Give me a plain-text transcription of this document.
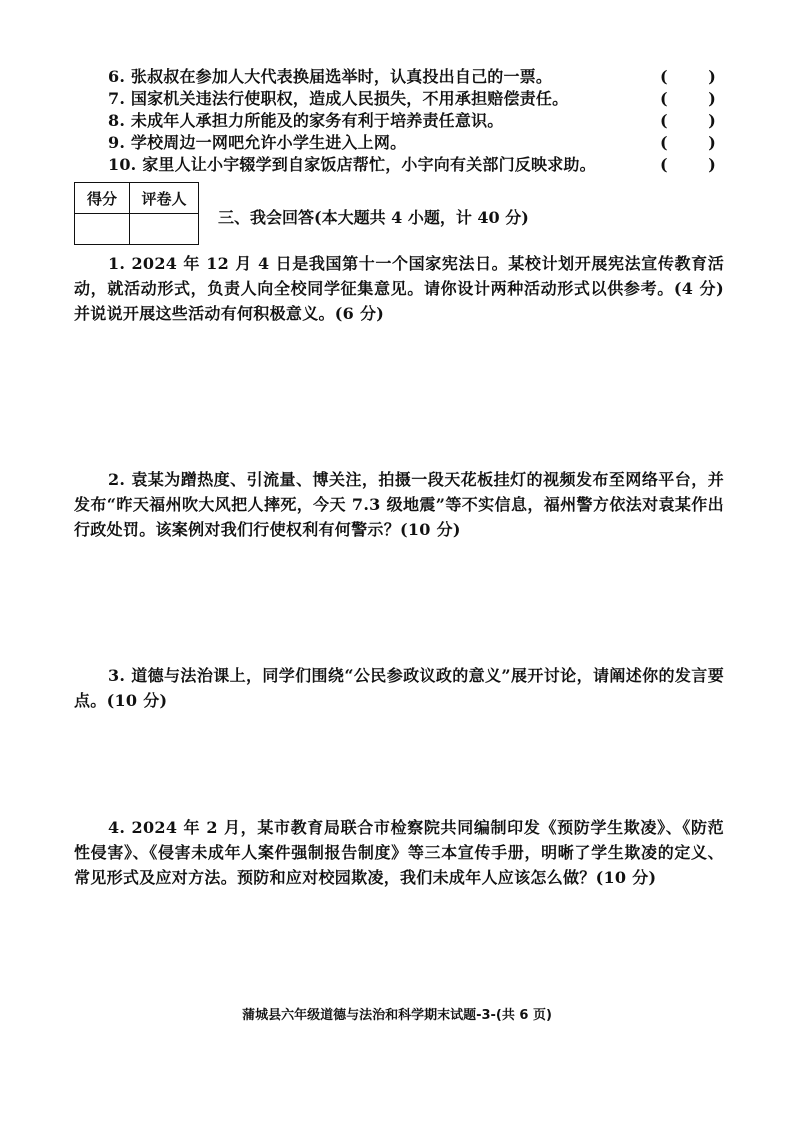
6. 张叔叔在参加人大代表换届选举时，认真投出自己的一票。	(	)
7. 国家机关违法行使职权，造成人民损失，不用承担赔偿责任。	(	)
8. 未成年人承担力所能及的家务有利于培养责任意识。	(	)
9. 学校周边一网吧允许小学生进入上网。	(	)
10. 家里人让小宇辍学到自家饭店帮忙，小宇向有关部门反映求助。	(	)
得分	评卷人

三、我会回答(本大题共 4 小题，计 40 分)
1. 2024 年 12 月 4 日是我国第十一个国家宪法日。某校计划开展宪法宣传教育活动，就活动形式，负责人向全校同学征集意见。请你设计两种活动形式以供参考。(4 分)并说说开展这些活动有何积极意义。(6 分)
2. 袁某为蹭热度、引流量、博关注，拍摄一段天花板挂灯的视频发布至网络平台，并发布“昨天福州吹大风把人摔死，今天 7.3 级地震”等不实信息，福州警方依法对袁某作出行政处罚。该案例对我们行使权利有何警示？(10 分)
3. 道德与法治课上，同学们围绕“公民参政议政的意义”展开讨论，请阐述你的发言要点。(10 分)
4. 2024 年 2 月，某市教育局联合市检察院共同编制印发《预防学生欺凌》、《防范性侵害》、《侵害未成年人案件强制报告制度》等三本宣传手册，明晰了学生欺凌的定义、常见形式及应对方法。预防和应对校园欺凌，我们未成年人应该怎么做？(10 分)
蒲城县六年级道德与法治和科学期末试题-3-(共 6 页)
